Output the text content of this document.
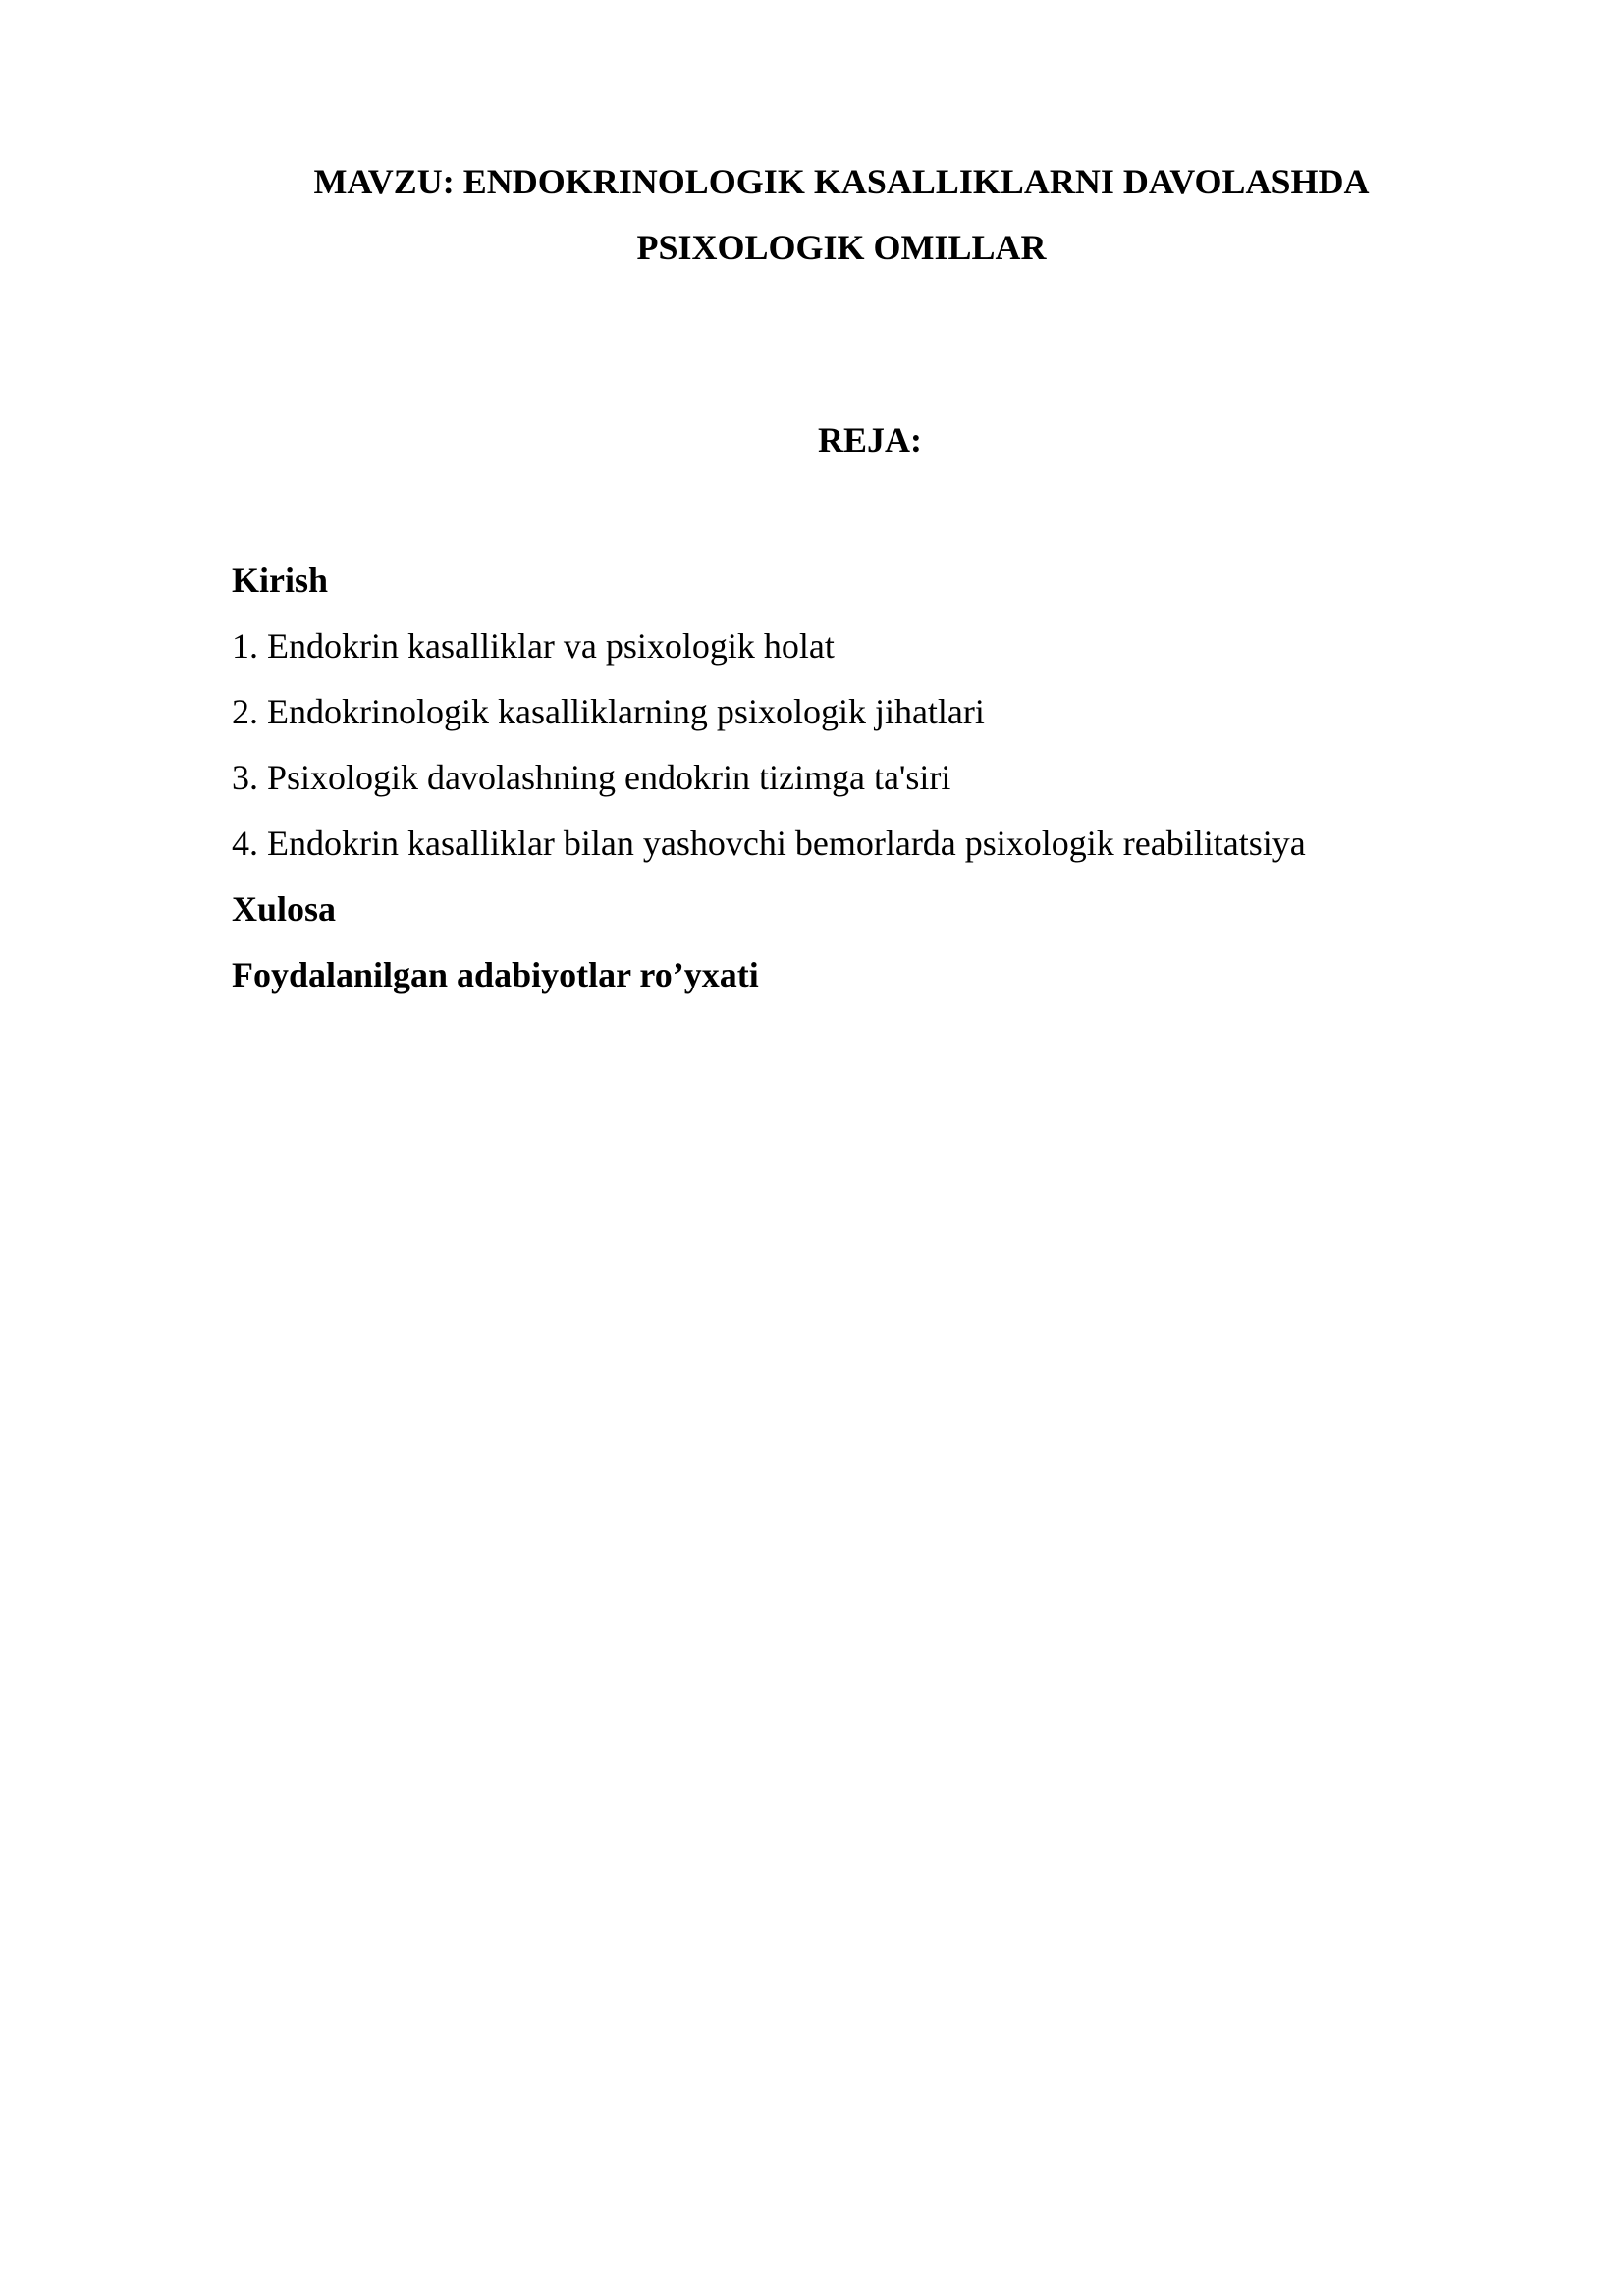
MAVZU: ENDOKRINOLOGIK KASALLIKLARNI DAVOLASHDA
PSIXOLOGIK OMILLAR
REJA:
Kirish
1. Endokrin kasalliklar va psixologik holat
2. Endokrinologik kasalliklarning psixologik jihatlari
3. Psixologik davolashning endokrin tizimga ta'siri
4. Endokrin kasalliklar bilan yashovchi bemorlarda psixologik reabilitatsiya
Xulosa
Foydalanilgan adabiyotlar ro’yxati
